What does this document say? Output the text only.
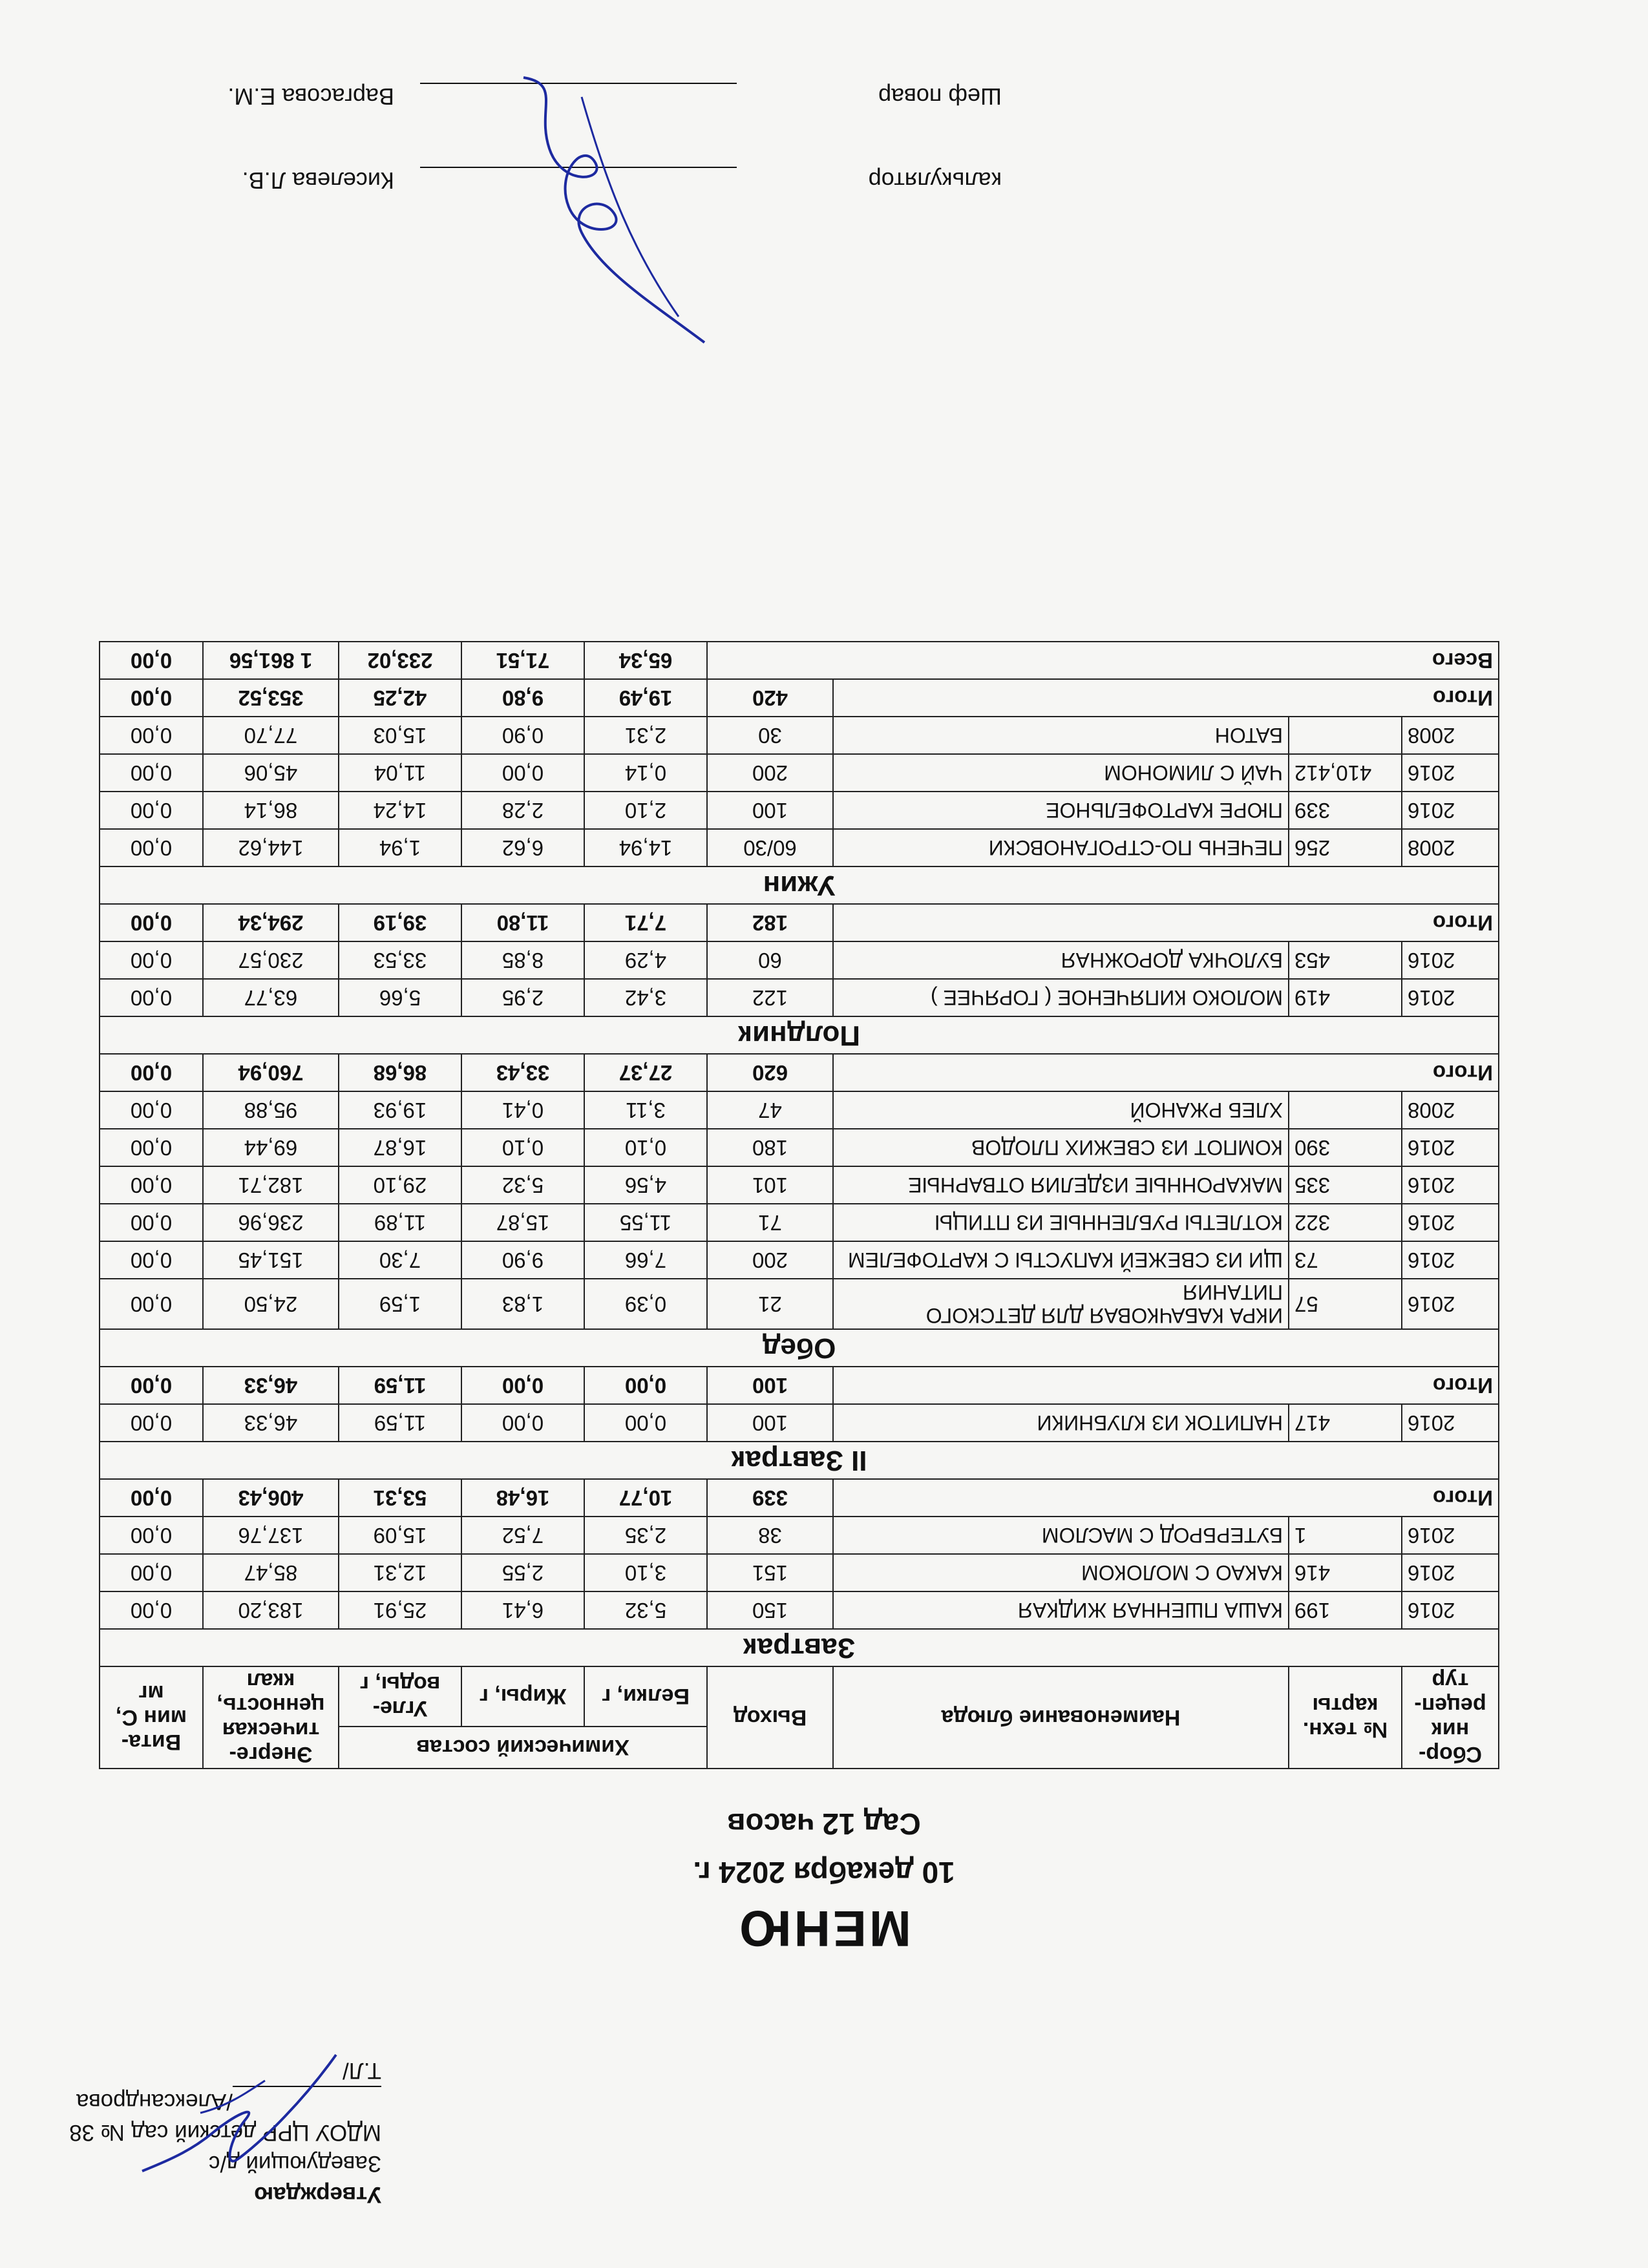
Утверждаю
Заведующий д/с
МДОУ ЦРР детский сад № 38
/Александрова Т.Л/
МЕНЮ
10 декабря 2024 г.
Сад 12 часов
Сбор-ник рецеп-тур	№ техн. карты	Наименование блюда	Выход	Химический состав			Энерге-тическая ценность, ккал	Вита-мин С, мг
				Белки, г	Жиры, г	Угле-воды, г		
Завтрак								
2016	199	КАША ПШЕННАЯ ЖИДКАЯ	150	5,32	6,41	25,91	183,20	0,00
2016	416	КАКАО С МОЛОКОМ	151	3,10	2,55	12,31	85,47	0,00
2016	1	БУТЕРБРОД С МАСЛОМ	38	2,35	7,52	15,09	137,76	0,00
Итого			339	10,77	16,48	53,31	406,43	0,00
II Завтрак								
2016	417	НАПИТОК ИЗ КЛУБНИКИ	100	0,00	0,00	11,59	46,33	0,00
Итого			100	0,00	0,00	11,59	46,33	0,00
Обед								
2016	57	ИКРА КАБАЧКОВАЯ ДЛЯ ДЕТСКОГО ПИТАНИЯ	21	0,39	1,83	1,59	24,50	0,00
2016	73	ЩИ ИЗ СВЕЖЕЙ КАПУСТЫ С КАРТОФЕЛЕМ	200	7,66	9,90	7,30	151,45	0,00
2016	322	КОТЛЕТЫ РУБЛЕННЫЕ ИЗ ПТИЦЫ	71	11,55	15,87	11,89	236,96	0,00
2016	335	МАКАРОННЫЕ ИЗДЕЛИЯ ОТВАРНЫЕ	101	4,56	5,32	29,10	182,71	0,00
2016	390	КОМПОТ ИЗ СВЕЖИХ ПЛОДОВ	180	0,10	0,10	16,87	69,44	0,00
2008		ХЛЕБ РЖАНОЙ	47	3,11	0,41	19,93	95,88	0,00
Итого			620	27,37	33,43	86,68	760,94	0,00
Полдник								
2016	419	МОЛОКО КИПЯЧЕНОЕ ( ГОРЯЧЕЕ )	122	3,42	2,95	5,66	63,77	0,00
2016	453	БУЛОЧКА ДОРОЖНАЯ	60	4,29	8,85	33,53	230,57	0,00
Итого			182	7,71	11,80	39,19	294,34	0,00
Ужин								
2008	256	ПЕЧЕНЬ ПО-СТРОГАНОВСКИ	60/30	14,94	6,62	1,94	144,62	0,00
2016	339	ПЮРЕ КАРТОФЕЛЬНОЕ	100	2,10	2,28	14,24	86,14	0,00
2016	410,412	ЧАЙ С ЛИМОНОМ	200	0,14	0,00	11,04	45,06	0,00
2008		БАТОН	30	2,31	0,90	15,03	77,70	0,00
Итого			420	19,49	9,80	42,25	353,52	0,00
Всего				65,34	71,51	233,02	1 861,56	0,00
калькулятор
Киселева Л.В.
Шеф повар
Варгасова Е.М.
